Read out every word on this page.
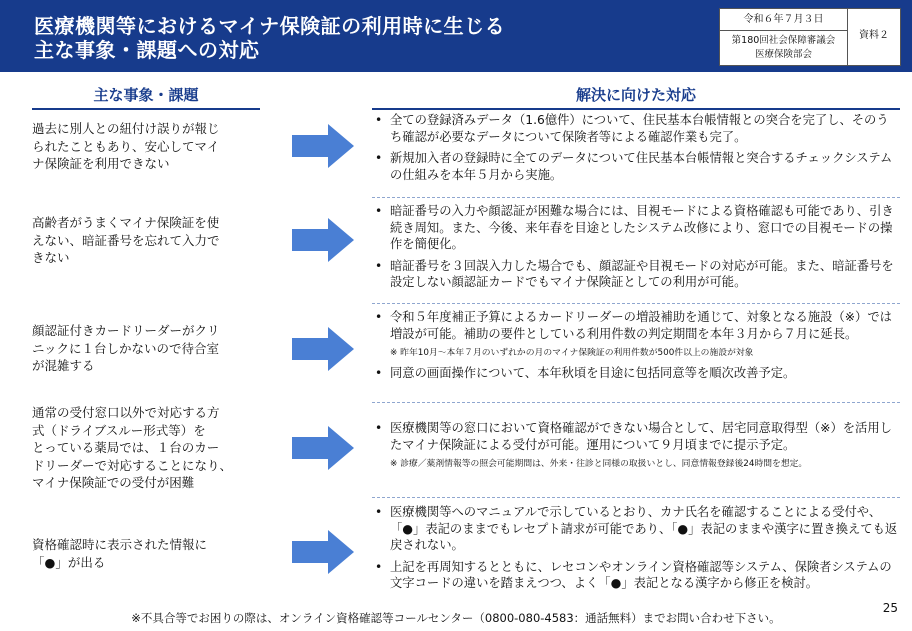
医療機関等におけるマイナ保険証の利用時に生じる
主な事象・課題への対応
令和６年７月３日
第180回社会保障審議会
医療保険部会
資料２
主な事象・課題	解決に向けた対応
過去に別人との紐付け誤りが報じ
られたこともあり、安心してマイ
ナ保険証を利用できない
• 全ての登録済みデータ（1.6億件）について、住民基本台帳情報との突合を完了し、そのうち確認が必要なデータについて保険者等による確認作業も完了。
• 新規加入者の登録時に全てのデータについて住民基本台帳情報と突合するチェックシステムの仕組みを本年５月から実施。
高齢者がうまくマイナ保険証を使
えない、暗証番号を忘れて入力で
きない
• 暗証番号の入力や顔認証が困難な場合には、目視モードによる資格確認も可能であり、引き続き周知。また、今後、来年春を目途としたシステム改修により、窓口での目視モードの操作を簡便化。
• 暗証番号を３回誤入力した場合でも、顔認証や目視モードの対応が可能。また、暗証番号を設定しない顔認証カードでもマイナ保険証としての利用が可能。
顔認証付きカードリーダーがクリ
ニックに１台しかないので待合室
が混雑する
• 令和５年度補正予算によるカードリーダーの増設補助を通じて、対象となる施設（※）では増設が可能。補助の要件としている利用件数の判定期間を本年３月から７月に延長。
※ 昨年10月～本年７月のいずれかの月のマイナ保険証の利用件数が500件以上の施設が対象
• 同意の画面操作について、本年秋頃を目途に包括同意等を順次改善予定。
通常の受付窓口以外で対応する方
式（ドライブスルー形式等）を
とっている薬局では、１台のカー
ドリーダーで対応することになり、
マイナ保険証での受付が困難
• 医療機関等の窓口において資格確認ができない場合として、居宅同意取得型（※）を活用したマイナ保険証による受付が可能。運用について９月頃までに提示予定。
※ 診療／薬剤情報等の照会可能期間は、外来・往診と同様の取扱いとし、同意情報登録後24時間を想定。
資格確認時に表示された情報に
「●」が出る
• 医療機関等へのマニュアルで示しているとおり、カナ氏名を確認することによる受付や、「●」表記のままでもレセプト請求が可能であり、「●」表記のままや漢字に置き換えても返戻されない。
• 上記を再周知するとともに、レセコンやオンライン資格確認等システム、保険者システムの文字コードの違いを踏まえつつ、よく「●」表記となる漢字から修正を検討。
※不具合等でお困りの際は、オンライン資格確認等コールセンター（0800-080-4583：通話無料）までお問い合わせ下さい。
25
